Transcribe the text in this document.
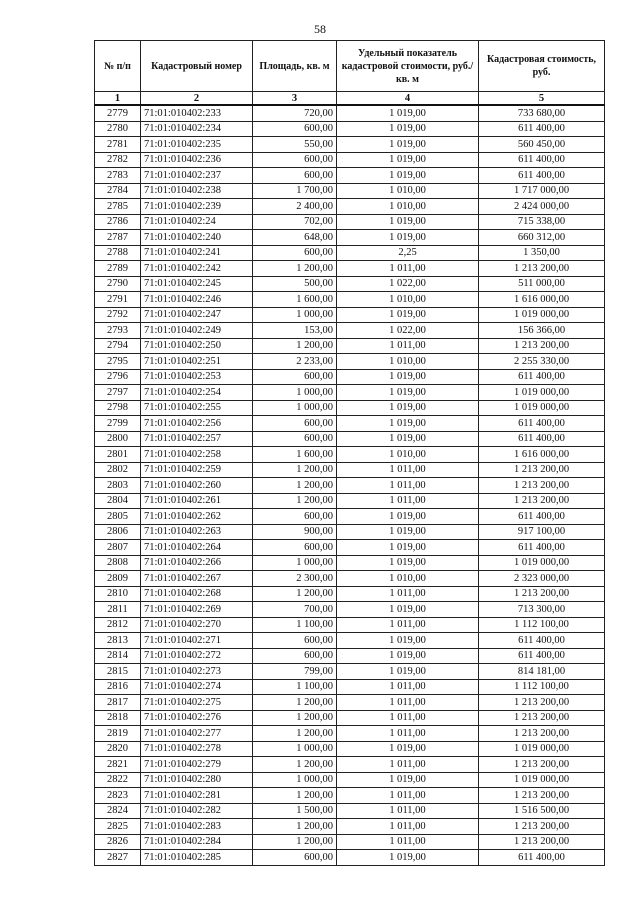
58
№ п/п	Кадастровый номер	Площадь, кв. м	Удельный показатель кадастровой стоимости, руб./кв. м	Кадастровая стоимость, руб.
1	2	3	4	5
2779	71:01:010402:233	720,00	1 019,00	733 680,00
2780	71:01:010402:234	600,00	1 019,00	611 400,00
2781	71:01:010402:235	550,00	1 019,00	560 450,00
2782	71:01:010402:236	600,00	1 019,00	611 400,00
2783	71:01:010402:237	600,00	1 019,00	611 400,00
2784	71:01:010402:238	1 700,00	1 010,00	1 717 000,00
2785	71:01:010402:239	2 400,00	1 010,00	2 424 000,00
2786	71:01:010402:24	702,00	1 019,00	715 338,00
2787	71:01:010402:240	648,00	1 019,00	660 312,00
2788	71:01:010402:241	600,00	2,25	1 350,00
2789	71:01:010402:242	1 200,00	1 011,00	1 213 200,00
2790	71:01:010402:245	500,00	1 022,00	511 000,00
2791	71:01:010402:246	1 600,00	1 010,00	1 616 000,00
2792	71:01:010402:247	1 000,00	1 019,00	1 019 000,00
2793	71:01:010402:249	153,00	1 022,00	156 366,00
2794	71:01:010402:250	1 200,00	1 011,00	1 213 200,00
2795	71:01:010402:251	2 233,00	1 010,00	2 255 330,00
2796	71:01:010402:253	600,00	1 019,00	611 400,00
2797	71:01:010402:254	1 000,00	1 019,00	1 019 000,00
2798	71:01:010402:255	1 000,00	1 019,00	1 019 000,00
2799	71:01:010402:256	600,00	1 019,00	611 400,00
2800	71:01:010402:257	600,00	1 019,00	611 400,00
2801	71:01:010402:258	1 600,00	1 010,00	1 616 000,00
2802	71:01:010402:259	1 200,00	1 011,00	1 213 200,00
2803	71:01:010402:260	1 200,00	1 011,00	1 213 200,00
2804	71:01:010402:261	1 200,00	1 011,00	1 213 200,00
2805	71:01:010402:262	600,00	1 019,00	611 400,00
2806	71:01:010402:263	900,00	1 019,00	917 100,00
2807	71:01:010402:264	600,00	1 019,00	611 400,00
2808	71:01:010402:266	1 000,00	1 019,00	1 019 000,00
2809	71:01:010402:267	2 300,00	1 010,00	2 323 000,00
2810	71:01:010402:268	1 200,00	1 011,00	1 213 200,00
2811	71:01:010402:269	700,00	1 019,00	713 300,00
2812	71:01:010402:270	1 100,00	1 011,00	1 112 100,00
2813	71:01:010402:271	600,00	1 019,00	611 400,00
2814	71:01:010402:272	600,00	1 019,00	611 400,00
2815	71:01:010402:273	799,00	1 019,00	814 181,00
2816	71:01:010402:274	1 100,00	1 011,00	1 112 100,00
2817	71:01:010402:275	1 200,00	1 011,00	1 213 200,00
2818	71:01:010402:276	1 200,00	1 011,00	1 213 200,00
2819	71:01:010402:277	1 200,00	1 011,00	1 213 200,00
2820	71:01:010402:278	1 000,00	1 019,00	1 019 000,00
2821	71:01:010402:279	1 200,00	1 011,00	1 213 200,00
2822	71:01:010402:280	1 000,00	1 019,00	1 019 000,00
2823	71:01:010402:281	1 200,00	1 011,00	1 213 200,00
2824	71:01:010402:282	1 500,00	1 011,00	1 516 500,00
2825	71:01:010402:283	1 200,00	1 011,00	1 213 200,00
2826	71:01:010402:284	1 200,00	1 011,00	1 213 200,00
2827	71:01:010402:285	600,00	1 019,00	611 400,00
